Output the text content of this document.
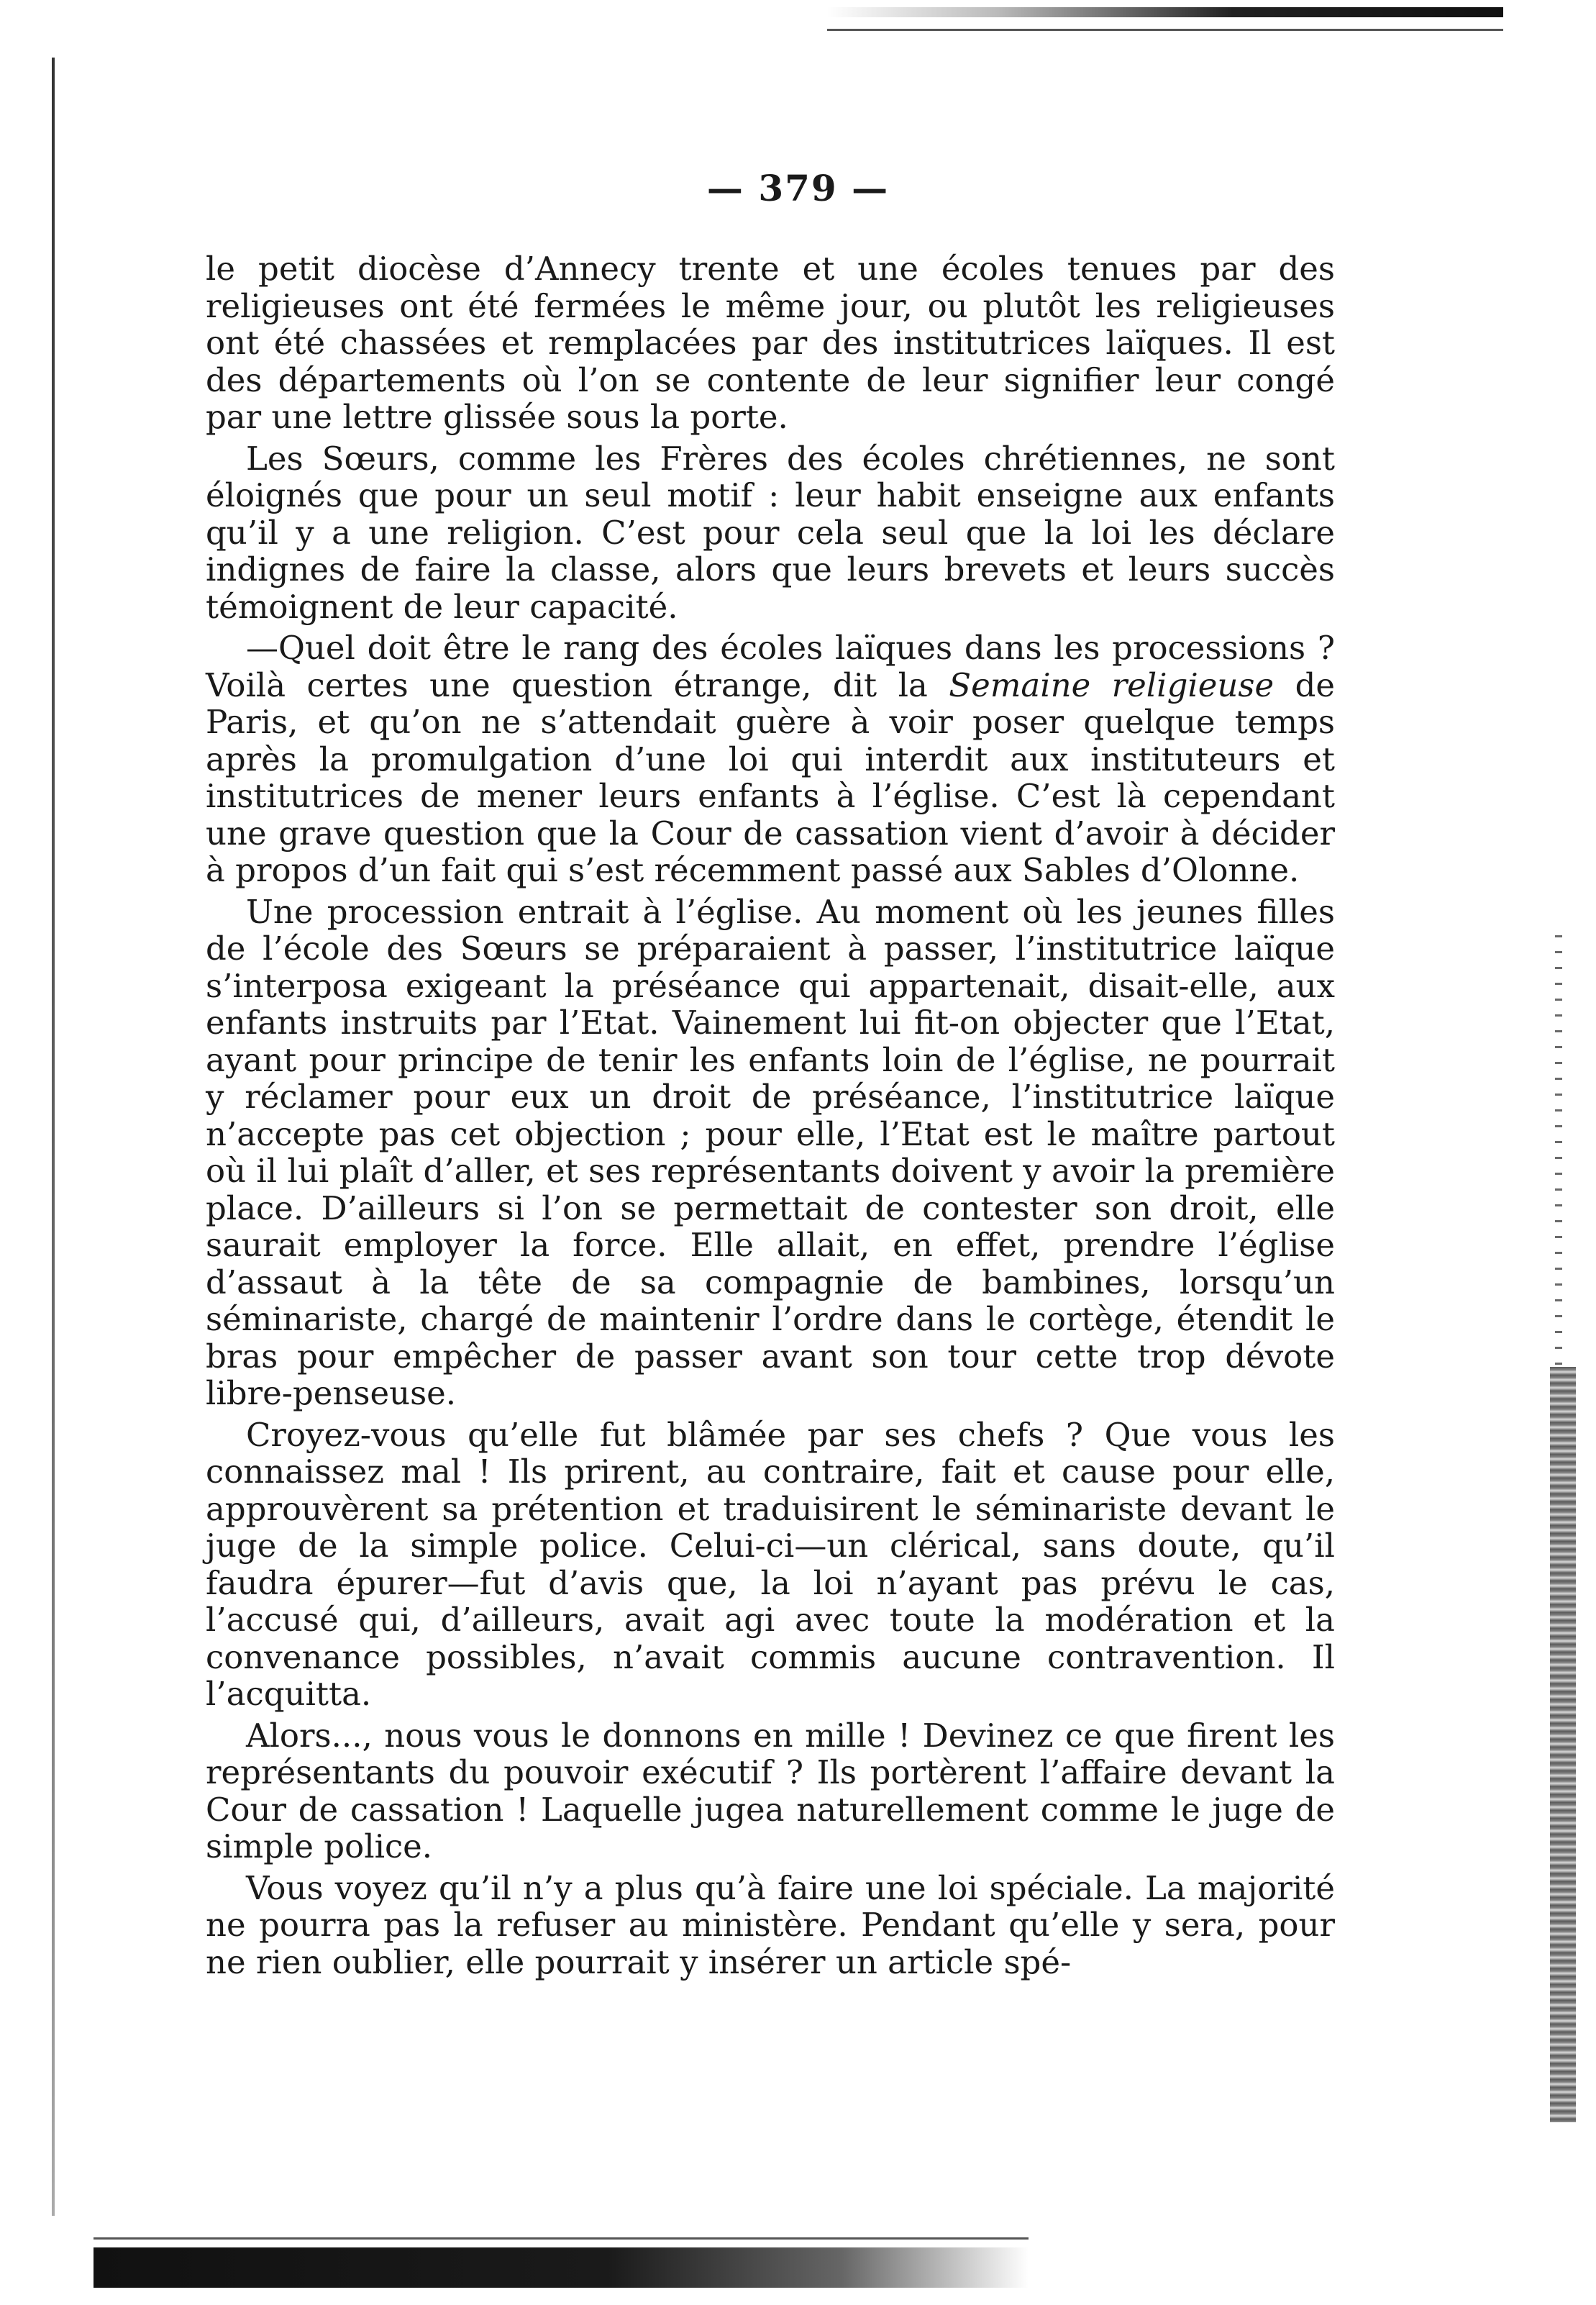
— 379 —

le petit diocèse d’Annecy trente et une écoles tenues par des religieuses ont été fermées le même jour, ou plutôt les religieuses ont été chassées et remplacées par des institutrices laïques. Il est des départements où l’on se contente de leur signifier leur congé par une lettre glissée sous la porte.

Les Sœurs, comme les Frères des écoles chrétiennes, ne sont éloignés que pour un seul motif : leur habit enseigne aux enfants qu’il y a une religion. C’est pour cela seul que la loi les déclare indignes de faire la classe, alors que leurs brevets et leurs succès témoignent de leur capacité.

—Quel doit être le rang des écoles laïques dans les processions ? Voilà certes une question étrange, dit la Semaine religieuse de Paris, et qu’on ne s’attendait guère à voir poser quelque temps après la promulgation d’une loi qui interdit aux instituteurs et institutrices de mener leurs enfants à l’église. C’est là cependant une grave question que la Cour de cassation vient d’avoir à décider à propos d’un fait qui s’est récemment passé aux Sables d’Olonne.

Une procession entrait à l’église. Au moment où les jeunes filles de l’école des Sœurs se préparaient à passer, l’institutrice laïque s’interposa exigeant la préséance qui appartenait, disait-elle, aux enfants instruits par l’Etat. Vainement lui fit-on objecter que l’Etat, ayant pour principe de tenir les enfants loin de l’église, ne pourrait y réclamer pour eux un droit de préséance, l’institutrice laïque n’accepte pas cet objection ; pour elle, l’Etat est le maître partout où il lui plaît d’aller, et ses représentants doivent y avoir la première place. D’ailleurs si l’on se permettait de contester son droit, elle saurait employer la force. Elle allait, en effet, prendre l’église d’assaut à la tête de sa compagnie de bambines, lorsqu’un séminariste, chargé de maintenir l’ordre dans le cortège, étendit le bras pour empêcher de passer avant son tour cette trop dévote libre-penseuse.

Croyez-vous qu’elle fut blâmée par ses chefs ? Que vous les connaissez mal ! Ils prirent, au contraire, fait et cause pour elle, approuvèrent sa prétention et traduisirent le séminariste devant le juge de la simple police. Celui-ci—un clérical, sans doute, qu’il faudra épurer—fut d’avis que, la loi n’ayant pas prévu le cas, l’accusé qui, d’ailleurs, avait agi avec toute la modération et la convenance possibles, n’avait commis aucune contravention. Il l’acquitta.

Alors..., nous vous le donnons en mille ! Devinez ce que firent les représentants du pouvoir exécutif ? Ils portèrent l’affaire devant la Cour de cassation ! Laquelle jugea naturellement comme le juge de simple police.

Vous voyez qu’il n’y a plus qu’à faire une loi spéciale. La majorité ne pourra pas la refuser au ministère. Pendant qu’elle y sera, pour ne rien oublier, elle pourrait y insérer un article spé-
